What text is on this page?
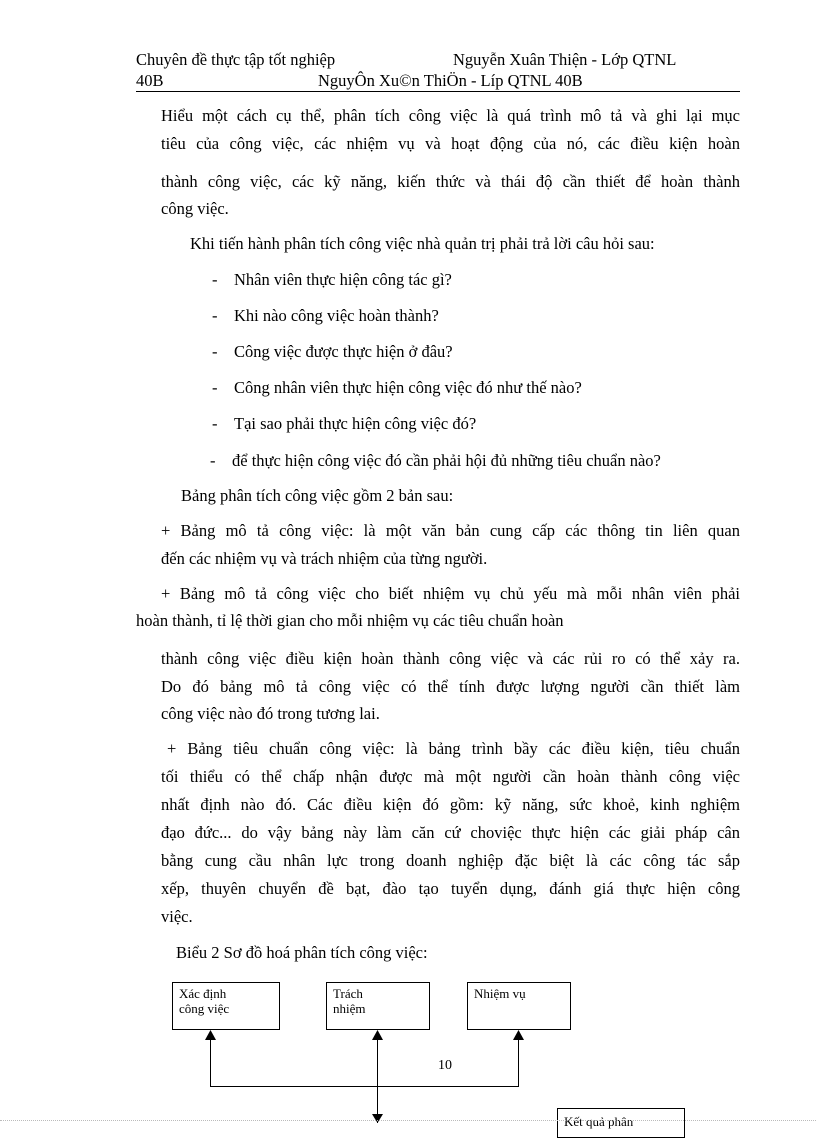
Chuyên đề thực tập tốt nghiệp	Nguyễn Xuân Thiện - Lớp QTNL
40B	NguyÔn Xu©n ThiÖn - Líp QTNL 40B
Hiểu một cách cụ thể, phân tích công việc là quá trình mô tả và ghi lại mục
tiêu của công việc, các nhiệm vụ và hoạt động của nó, các điều kiện hoàn
thành công việc, các kỹ năng, kiến thức và thái độ cần thiết để hoàn thành
công việc.
Khi tiến hành phân tích công việc nhà quản trị phải trả lời câu hỏi sau:
- Nhân viên thực hiện công tác gì?
- Khi nào công việc hoàn thành?
- Công việc được thực hiện ở đâu?
- Công nhân viên thực hiện công việc đó như thế nào?
- Tại sao phải thực hiện công việc đó?
- để thực hiện công việc đó cần phải hội đủ những tiêu chuẩn nào?
Bảng phân tích công việc gồm 2 bản sau:
+ Bảng mô tả công việc: là một văn bản cung cấp các thông tin liên quan
đến các nhiệm vụ và trách nhiệm của từng người.
+ Bảng mô tả công việc cho biết nhiệm vụ chủ yếu mà mỗi nhân viên phải
hoàn thành, tỉ lệ thời gian cho mỗi nhiệm vụ các tiêu chuẩn hoàn
thành công việc điều kiện hoàn thành công việc và các rủi ro có thể xảy ra.
Do đó bảng mô tả công việc có thể tính được lượng người cần thiết làm
công việc nào đó trong tương lai.
+ Bảng tiêu chuẩn công việc: là bảng trình bầy các điều kiện, tiêu chuẩn
tối thiểu có thể chấp nhận được mà một người cần hoàn thành công việc
nhất định nào đó. Các điều kiện đó gồm: kỹ năng, sức khoẻ, kinh nghiệm
đạo đức... do vậy bảng này làm căn cứ choviệc thực hiện các giải pháp cân
bằng cung cầu nhân lực trong doanh nghiệp đặc biệt là các công tác sắp
xếp, thuyên chuyển đề bạt, đào tạo tuyển dụng, đánh giá thực hiện công
việc.
Biểu 2 Sơ đồ hoá phân tích công việc:
Xác định
công việc
Trách
nhiệm
Nhiệm vụ
10
Kết quả phân
